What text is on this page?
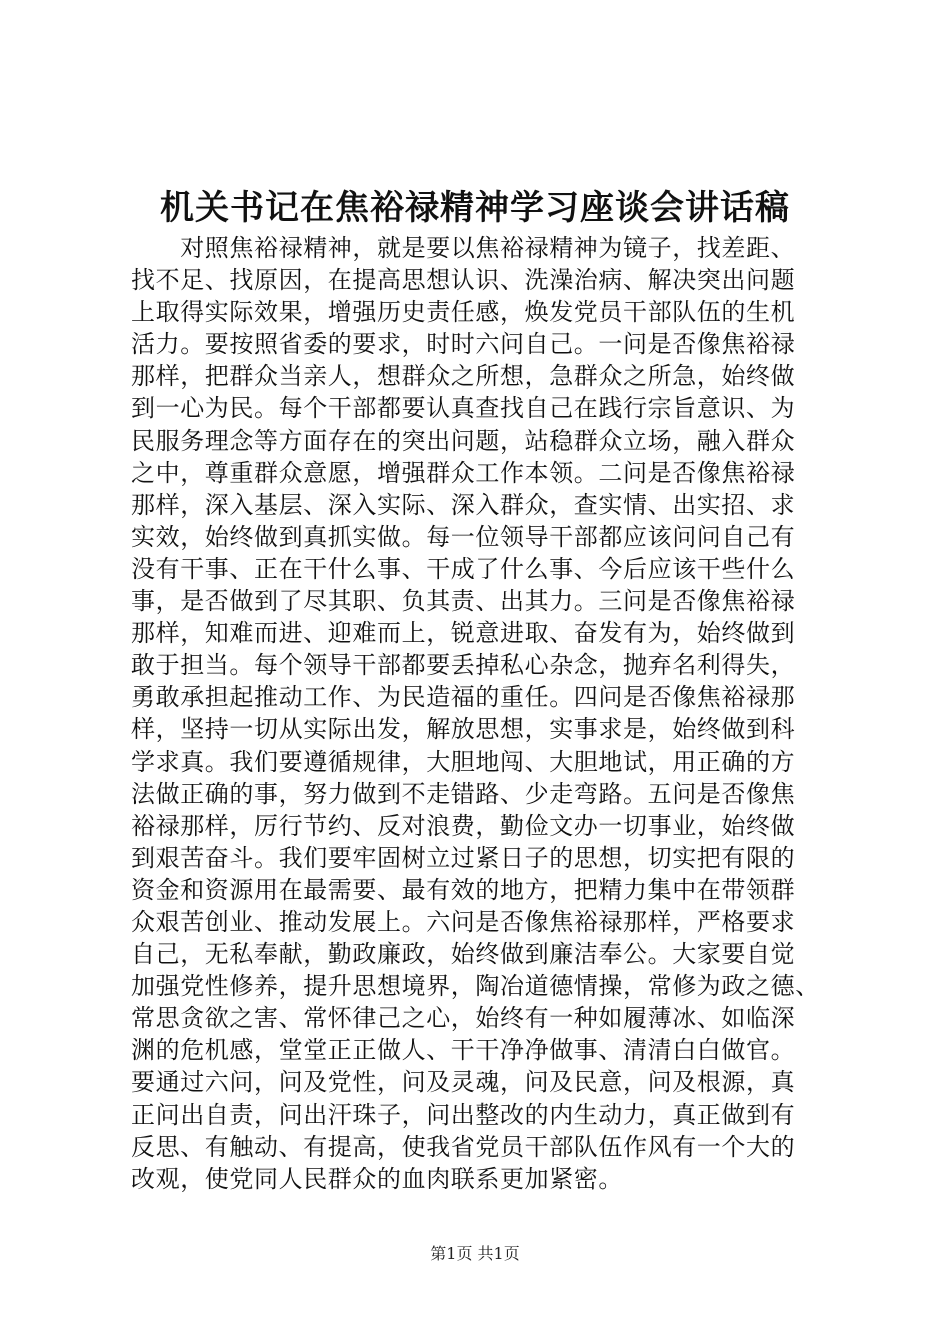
机关书记在焦裕禄精神学习座谈会讲话稿
　　对照焦裕禄精神，就是要以焦裕禄精神为镜子，找差距、
找不足、找原因，在提高思想认识、洗澡治病、解决突出问题
上取得实际效果，增强历史责任感，焕发党员干部队伍的生机
活力。要按照省委的要求，时时六问自己。一问是否像焦裕禄
那样，把群众当亲人，想群众之所想，急群众之所急，始终做
到一心为民。每个干部都要认真查找自己在践行宗旨意识、为
民服务理念等方面存在的突出问题，站稳群众立场，融入群众
之中，尊重群众意愿，增强群众工作本领。二问是否像焦裕禄
那样，深入基层、深入实际、深入群众，查实情、出实招、求
实效，始终做到真抓实做。每一位领导干部都应该问问自己有
没有干事、正在干什么事、干成了什么事、今后应该干些什么
事，是否做到了尽其职、负其责、出其力。三问是否像焦裕禄
那样，知难而进、迎难而上，锐意进取、奋发有为，始终做到
敢于担当。每个领导干部都要丢掉私心杂念，抛弃名利得失，
勇敢承担起推动工作、为民造福的重任。四问是否像焦裕禄那
样，坚持一切从实际出发，解放思想，实事求是，始终做到科
学求真。我们要遵循规律，大胆地闯、大胆地试，用正确的方
法做正确的事，努力做到不走错路、少走弯路。五问是否像焦
裕禄那样，厉行节约、反对浪费，勤俭文办一切事业，始终做
到艰苦奋斗。我们要牢固树立过紧日子的思想，切实把有限的
资金和资源用在最需要、最有效的地方，把精力集中在带领群
众艰苦创业、推动发展上。六问是否像焦裕禄那样，严格要求
自己，无私奉献，勤政廉政，始终做到廉洁奉公。大家要自觉
加强党性修养，提升思想境界，陶冶道德情操，常修为政之德、
常思贪欲之害、常怀律己之心，始终有一种如履薄冰、如临深
渊的危机感，堂堂正正做人、干干净净做事、清清白白做官。
要通过六问，问及党性，问及灵魂，问及民意，问及根源，真
正问出自责，问出汗珠子，问出整改的内生动力，真正做到有
反思、有触动、有提高，使我省党员干部队伍作风有一个大的
改观，使党同人民群众的血肉联系更加紧密。
第1页 共1页
